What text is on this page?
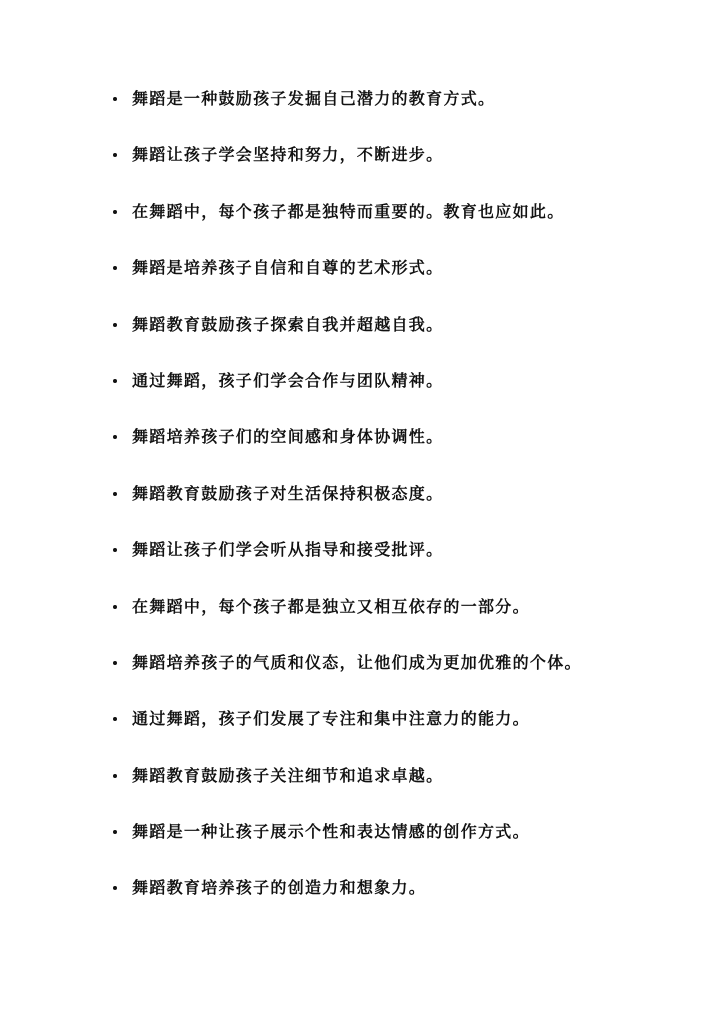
舞蹈是一种鼓励孩子发掘自己潜力的教育方式。
舞蹈让孩子学会坚持和努力，不断进步。
在舞蹈中，每个孩子都是独特而重要的。教育也应如此。
舞蹈是培养孩子自信和自尊的艺术形式。
舞蹈教育鼓励孩子探索自我并超越自我。
通过舞蹈，孩子们学会合作与团队精神。
舞蹈培养孩子们的空间感和身体协调性。
舞蹈教育鼓励孩子对生活保持积极态度。
舞蹈让孩子们学会听从指导和接受批评。
在舞蹈中，每个孩子都是独立又相互依存的一部分。
舞蹈培养孩子的气质和仪态，让他们成为更加优雅的个体。
通过舞蹈，孩子们发展了专注和集中注意力的能力。
舞蹈教育鼓励孩子关注细节和追求卓越。
舞蹈是一种让孩子展示个性和表达情感的创作方式。
舞蹈教育培养孩子的创造力和想象力。
